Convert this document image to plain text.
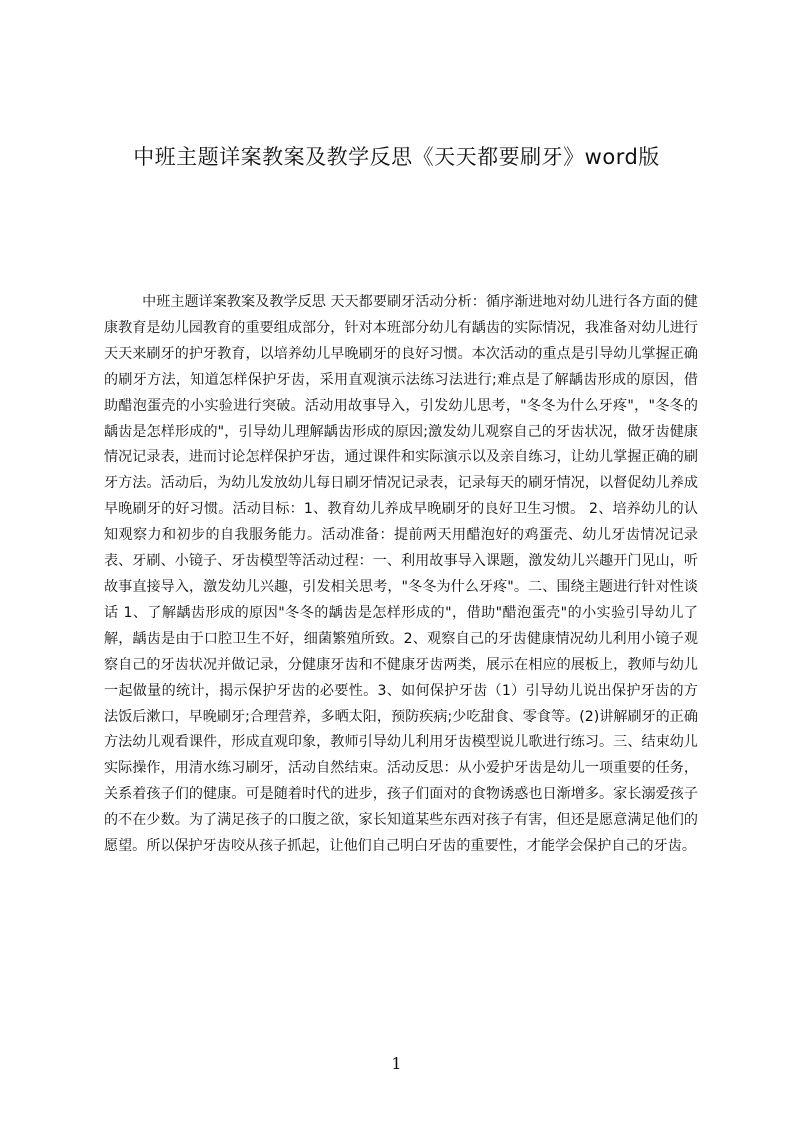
中班主题详案教案及教学反思《天天都要刷牙》word版

中班主题详案教案及教学反思 天天都要刷牙活动分析：循序渐进地对幼儿进行各方面的健康教育是幼儿园教育的重要组成部分，针对本班部分幼儿有龋齿的实际情况，我准备对幼儿进行天天来刷牙的护牙教育，以培养幼儿早晚刷牙的良好习惯。本次活动的重点是引导幼儿掌握正确的刷牙方法，知道怎样保护牙齿，采用直观演示法练习法进行;难点是了解龋齿形成的原因，借助醋泡蛋壳的小实验进行突破。活动用故事导入，引发幼儿思考，"冬冬为什么牙疼"，"冬冬的龋齿是怎样形成的"，引导幼儿理解龋齿形成的原因;激发幼儿观察自己的牙齿状况，做牙齿健康情况记录表，进而讨论怎样保护牙齿，通过课件和实际演示以及亲自练习，让幼儿掌握正确的刷牙方法。活动后，为幼儿发放幼儿每日刷牙情况记录表，记录每天的刷牙情况，以督促幼儿养成早晚刷牙的好习惯。活动目标：1、教育幼儿养成早晚刷牙的良好卫生习惯。 2、培养幼儿的认知观察力和初步的自我服务能力。活动准备：提前两天用醋泡好的鸡蛋壳、幼儿牙齿情况记录表、牙刷、小镜子、牙齿模型等活动过程：一、利用故事导入课题，激发幼儿兴趣开门见山，听故事直接导入，激发幼儿兴趣，引发相关思考，"冬冬为什么牙疼"。二、围绕主题进行针对性谈话 1、了解龋齿形成的原因"冬冬的龋齿是怎样形成的"，借助"醋泡蛋壳"的小实验引导幼儿了解，龋齿是由于口腔卫生不好，细菌繁殖所致。2、观察自己的牙齿健康情况幼儿利用小镜子观察自己的牙齿状况并做记录，分健康牙齿和不健康牙齿两类，展示在相应的展板上，教师与幼儿一起做量的统计，揭示保护牙齿的必要性。3、如何保护牙齿（1）引导幼儿说出保护牙齿的方法饭后漱口，早晚刷牙;合理营养，多晒太阳，预防疾病;少吃甜食、零食等。(2)讲解刷牙的正确方法幼儿观看课件，形成直观印象，教师引导幼儿利用牙齿模型说儿歌进行练习。三、结束幼儿实际操作，用清水练习刷牙，活动自然结束。活动反思：从小爱护牙齿是幼儿一项重要的任务，关系着孩子们的健康。可是随着时代的进步，孩子们面对的食物诱惑也日渐增多。家长溺爱孩子的不在少数。为了满足孩子的口腹之欲，家长知道某些东西对孩子有害，但还是愿意满足他们的愿望。所以保护牙齿咬从孩子抓起，让他们自己明白牙齿的重要性，才能学会保护自己的牙齿。

1
